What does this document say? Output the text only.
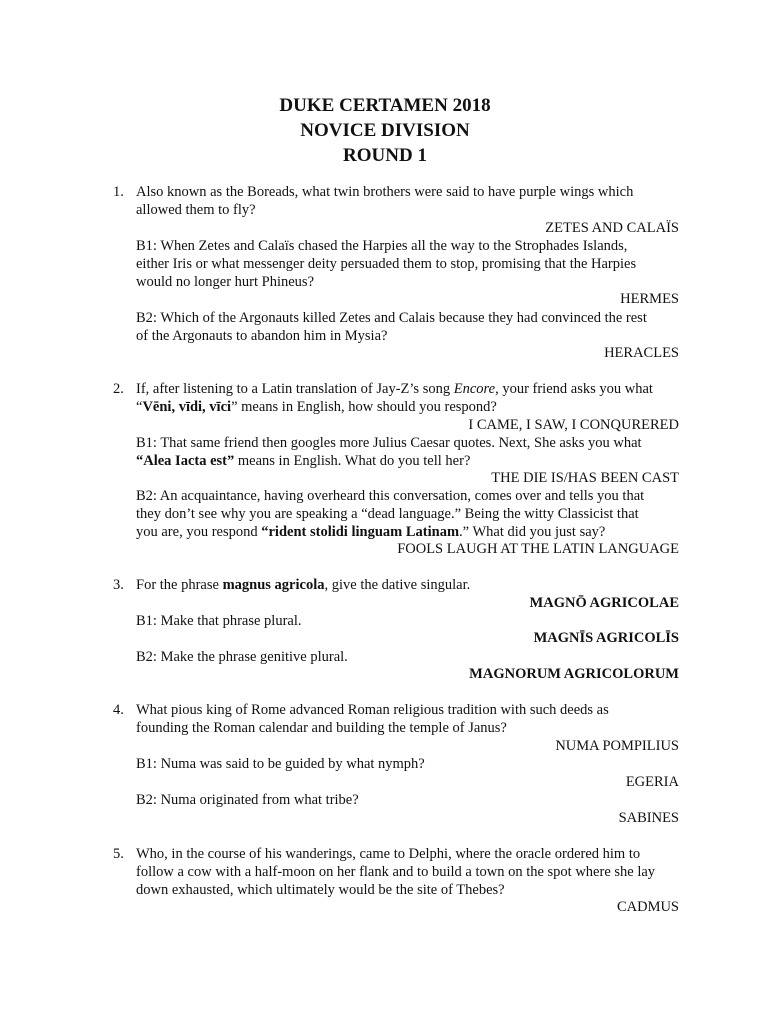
DUKE CERTAMEN 2018
NOVICE DIVISION
ROUND 1
1. Also known as the Boreads, what twin brothers were said to have purple wings which
allowed them to fly?
ZETES AND CALAÏS
B1: When Zetes and Calaïs chased the Harpies all the way to the Strophades Islands,
either Iris or what messenger deity persuaded them to stop, promising that the Harpies
would no longer hurt Phineus?
HERMES
B2: Which of the Argonauts killed Zetes and Calais because they had convinced the rest
of the Argonauts to abandon him in Mysia?
HERACLES
2. If, after listening to a Latin translation of Jay-Z’s song Encore, your friend asks you what
“Vēni, vīdi, vīci” means in English, how should you respond?
I CAME, I SAW, I CONQURERED
B1: That same friend then googles more Julius Caesar quotes. Next, She asks you what
“Alea Iacta est” means in English. What do you tell her?
THE DIE IS/HAS BEEN CAST
B2: An acquaintance, having overheard this conversation, comes over and tells you that
they don’t see why you are speaking a “dead language.” Being the witty Classicist that
you are, you respond “rident stolidi linguam Latinam.” What did you just say?
FOOLS LAUGH AT THE LATIN LANGUAGE
3. For the phrase magnus agricola, give the dative singular.
MAGNŌ AGRICOLAE
B1: Make that phrase plural.
MAGNĪS AGRICOLĪS
B2: Make the phrase genitive plural.
MAGNORUM AGRICOLORUM
4. What pious king of Rome advanced Roman religious tradition with such deeds as
founding the Roman calendar and building the temple of Janus?
NUMA POMPILIUS
B1: Numa was said to be guided by what nymph?
EGERIA
B2: Numa originated from what tribe?
SABINES
5. Who, in the course of his wanderings, came to Delphi, where the oracle ordered him to
follow a cow with a half-moon on her flank and to build a town on the spot where she lay
down exhausted, which ultimately would be the site of Thebes?
CADMUS
